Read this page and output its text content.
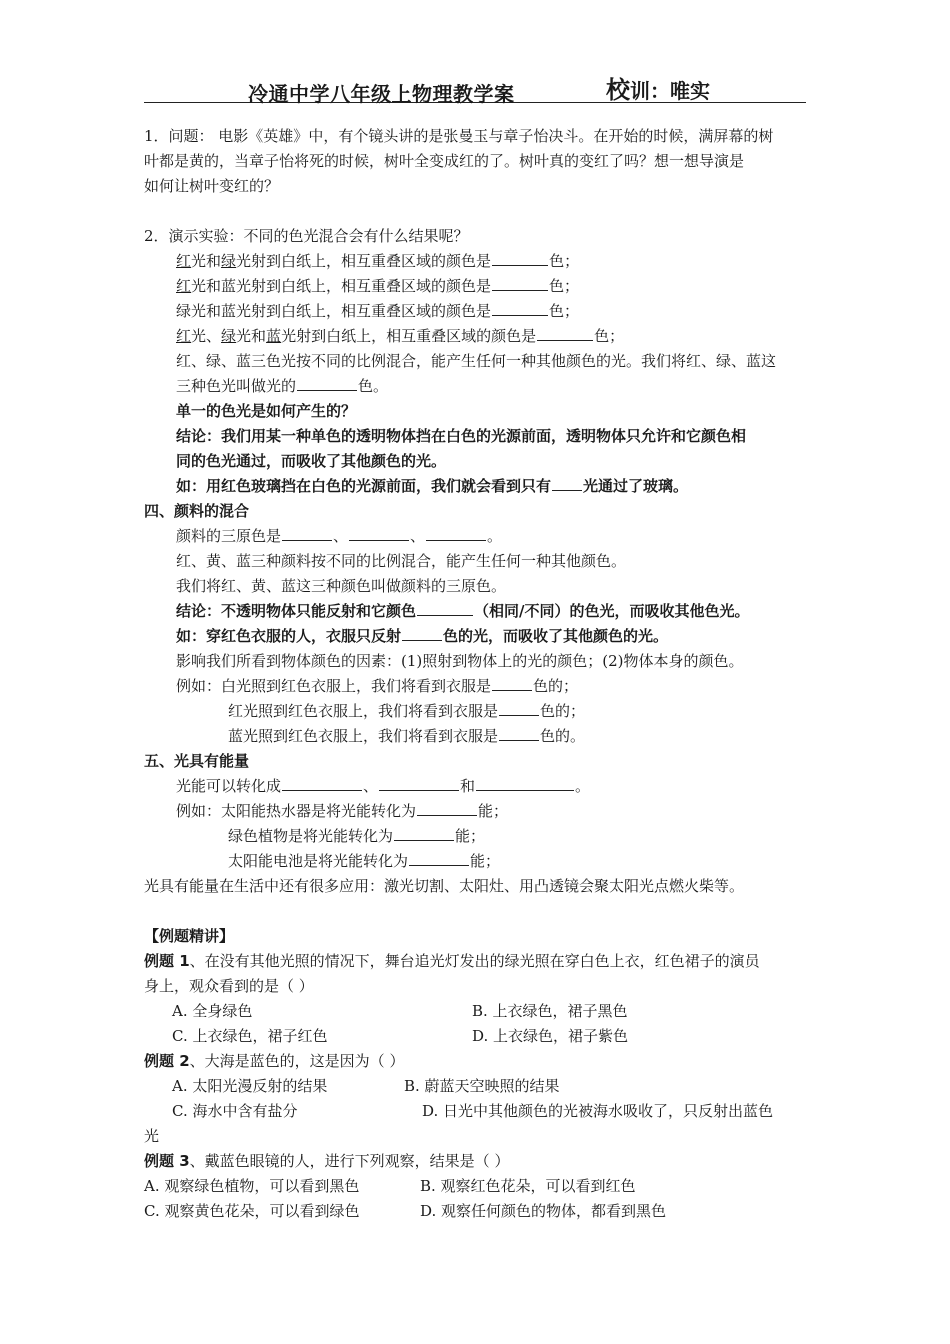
冷通中学八年级上物理教学案	校训：唯实
1．问题： 电影《英雄》中，有个镜头讲的是张曼玉与章子怡决斗。在开始的时候，满屏幕的树
叶都是黄的，当章子怡将死的时候，树叶全变成红的了。树叶真的变红了吗？想一想导演是
如何让树叶变红的？
2．演示实验：不同的色光混合会有什么结果呢？
红光和绿光射到白纸上，相互重叠区域的颜色是	色；
红光和蓝光射到白纸上，相互重叠区域的颜色是	色；
绿光和蓝光射到白纸上，相互重叠区域的颜色是	色；
红光、绿光和蓝光射到白纸上，相互重叠区域的颜色是	色；
红、绿、蓝三色光按不同的比例混合，能产生任何一种其他颜色的光。我们将红、绿、蓝这
三种色光叫做光的	色。
单一的色光是如何产生的？
结论：我们用某一种单色的透明物体挡在白色的光源前面，透明物体只允许和它颜色相
同的色光通过，而吸收了其他颜色的光。
如：用红色玻璃挡在白色的光源前面，我们就会看到只有 光通过了玻璃。
四、颜料的混合
颜料的三原色是	、	、	。
红、黄、蓝三种颜料按不同的比例混合，能产生任何一种其他颜色。
我们将红、黄、蓝这三种颜色叫做颜料的三原色。
结论：不透明物体只能反射和它颜色	（相同/不同）的色光，而吸收其他色光。
如：穿红色衣服的人，衣服只反射	色的光，而吸收了其他颜色的光。
影响我们所看到物体颜色的因素：(1)照射到物体上的光的颜色；(2)物体本身的颜色。
例如：白光照到红色衣服上，我们将看到衣服是	色的；
红光照到红色衣服上，我们将看到衣服是	色的；
蓝光照到红色衣服上，我们将看到衣服是	色的。
五、光具有能量
光能可以转化成	、	和	。
例如：太阳能热水器是将光能转化为	能；
绿色植物是将光能转化为	能；
太阳能电池是将光能转化为	能；
光具有能量在生活中还有很多应用：激光切割、太阳灶、用凸透镜会聚太阳光点燃火柴等。
【例题精讲】
例题 1、在没有其他光照的情况下，舞台追光灯发出的绿光照在穿白色上衣，红色裙子的演员
身上，观众看到的是（ ）
A. 全身绿色	B. 上衣绿色，裙子黑色
C. 上衣绿色，裙子红色	D. 上衣绿色，裙子紫色
例题 2、大海是蓝色的，这是因为（ ）
A. 太阳光漫反射的结果	B. 蔚蓝天空映照的结果
C. 海水中含有盐分	D. 日光中其他颜色的光被海水吸收了，只反射出蓝色
光
例题 3、戴蓝色眼镜的人，进行下列观察，结果是（ ）
A. 观察绿色植物，可以看到黑色	B. 观察红色花朵，可以看到红色
C. 观察黄色花朵，可以看到绿色	D. 观察任何颜色的物体，都看到黑色
